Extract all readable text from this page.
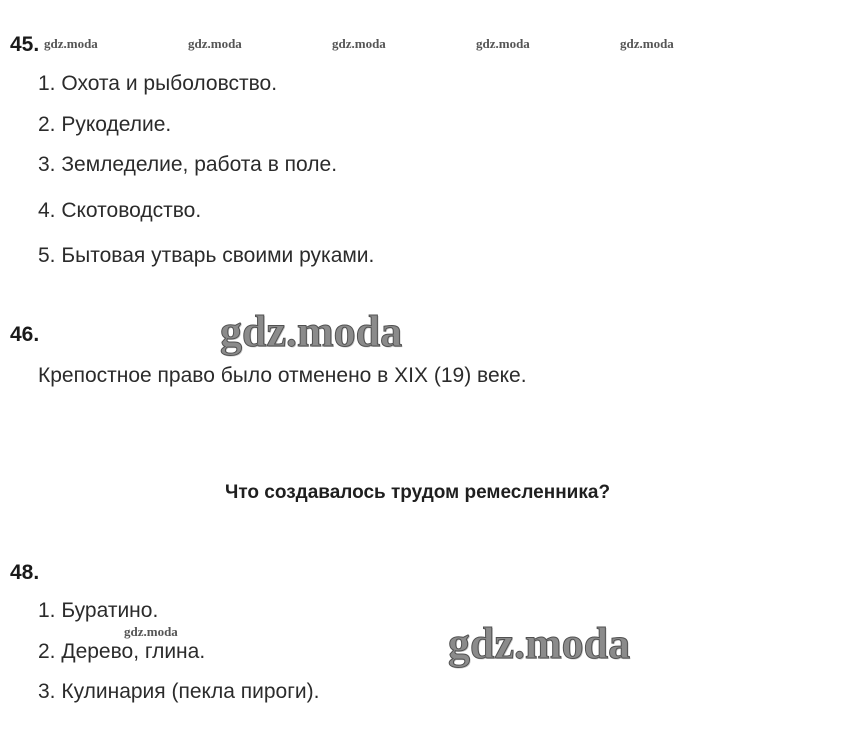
45. gdz.moda	gdz.moda	gdz.moda	gdz.moda	gdz.moda
1. Охота и рыболовство.
2. Рукоделие.
3. Земледелие, работа в поле.
4. Скотоводство.
5. Бытовая утварь своими руками.
46.	gdz.moda
Крепостное право было отменено в XIX (19) веке.
Что создавалось трудом ремесленника?
48.
1. Буратино.
gdz.moda
2. Дерево, глина.	gdz.moda
3. Кулинария (пекла пироги).
